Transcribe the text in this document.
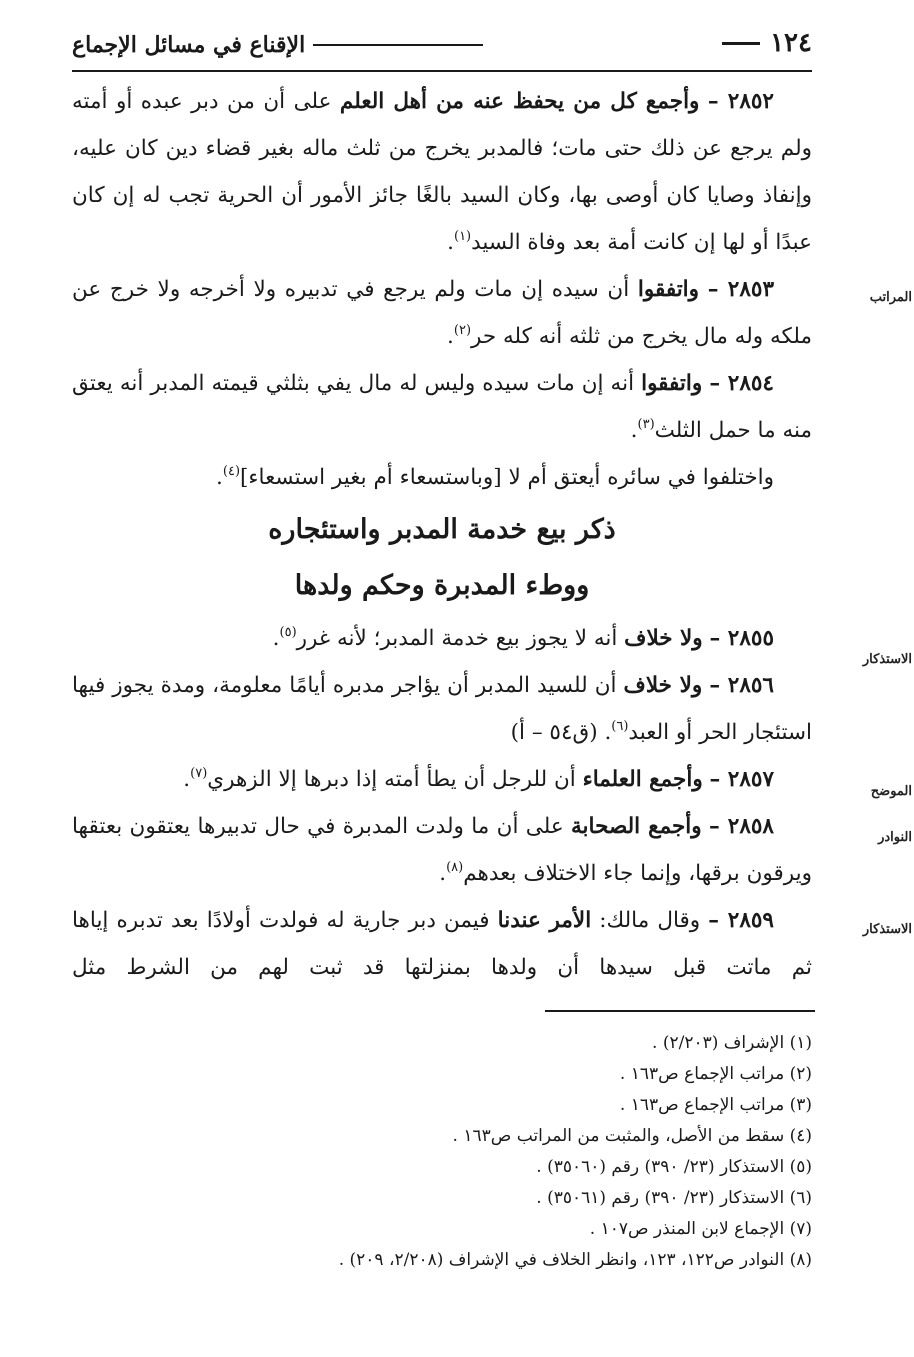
١٢٤
الإقناع في مسائل الإجماع
المراتب
الاستذكار
الموضح
النوادر
الاستذكار

٢٨٥٢ – وأجمع كل من يحفظ عنه من أهل العلم على أن من دبر عبده أو أمته ولم يرجع عن ذلك حتى مات؛ فالمدبر يخرج من ثلث ماله بغير قضاء دين كان عليه، وإنفاذ وصايا كان أوصى بها، وكان السيد بالغًا جائز الأمور أن الحرية تجب له إن كان عبدًا أو لها إن كانت أمة بعد وفاة السيد$^{(١)}$.

٢٨٥٣ – واتفقوا أن سيده إن مات ولم يرجع في تدبيره ولا أخرجه ولا خرج عن ملكه وله مال يخرج من ثلثه أنه كله حر$^{(٢)}$.

٢٨٥٤ – واتفقوا أنه إن مات سيده وليس له مال يفي بثلثي قيمته المدبر أنه يعتق منه ما حمل الثلث$^{(٣)}$.

واختلفوا في سائره أيعتق أم لا [وباستسعاء أم بغير استسعاء]$^{(٤)}$.

ذكر بيع خدمة المدبر واستئجاره
ووطء المدبرة وحكم ولدها

٢٨٥٥ – ولا خلاف أنه لا يجوز بيع خدمة المدبر؛ لأنه غرر$^{(٥)}$.

٢٨٥٦ – ولا خلاف أن للسيد المدبر أن يؤاجر مدبره أيامًا معلومة، ومدة يجوز فيها استئجار الحر أو العبد$^{(٦)}$. (ق٥٤ – أ)

٢٨٥٧ – وأجمع العلماء أن للرجل أن يطأ أمته إذا دبرها إلا الزهري$^{(٧)}$.

٢٨٥٨ – وأجمع الصحابة على أن ما ولدت المدبرة في حال تدبيرها يعتقون بعتقها ويرقون برقها، وإنما جاء الاختلاف بعدهم$^{(٨)}$.

٢٨٥٩ – وقال مالك: الأمر عندنا فيمن دبر جارية له فولدت أولادًا بعد تدبره إياها ثم ماتت قبل سيدها أن ولدها بمنزلتها قد ثبت لهم من الشرط مثل

(١) الإشراف (٢/٢٠٣) .

(٢) مراتب الإجماع ص١٦٣ .

(٣) مراتب الإجماع ص١٦٣ .

(٤) سقط من الأصل، والمثبت من المراتب ص١٦٣ .

(٥) الاستذكار (٢٣/ ٣٩٠) رقم (٣٥٠٦٠) .

(٦) الاستذكار (٢٣/ ٣٩٠) رقم (٣٥٠٦١) .

(٧) الإجماع لابن المنذر ص١٠٧ .

(٨) النوادر ص١٢٢، ١٢٣، وانظر الخلاف في الإشراف (٢/٢٠٨، ٢٠٩) .
